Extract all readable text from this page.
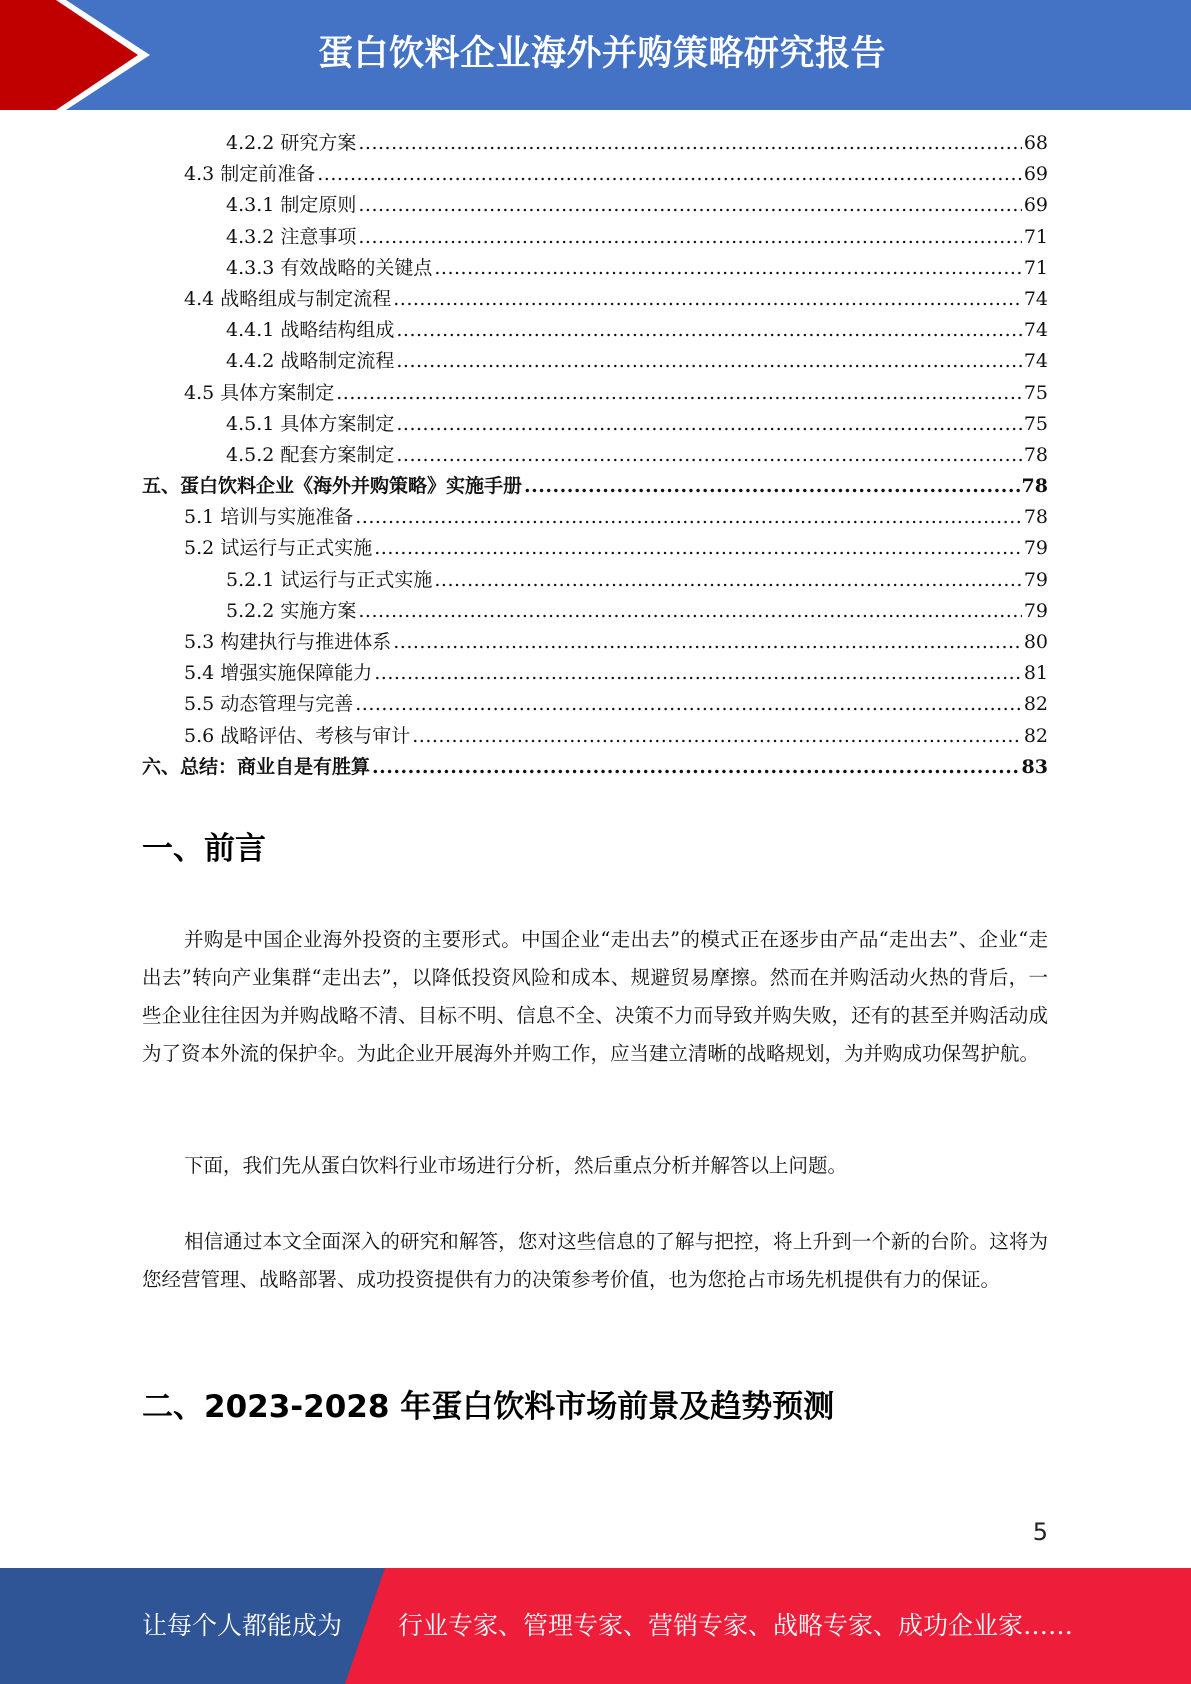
蛋白饮料企业海外并购策略研究报告
4.2.2 研究方案 .....	68
4.3 制定前准备 .....	69
4.3.1 制定原则 .....	69
4.3.2 注意事项 .....	71
4.3.3 有效战略的关键点 .....	71
4.4 战略组成与制定流程 .....	74
4.4.1 战略结构组成 .....	74
4.4.2 战略制定流程 .....	74
4.5 具体方案制定 .....	75
4.5.1 具体方案制定 .....	75
4.5.2 配套方案制定 .....	78
五、蛋白饮料企业《海外并购策略》实施手册 .....	78
5.1 培训与实施准备 .....	78
5.2 试运行与正式实施 .....	79
5.2.1 试运行与正式实施 .....	79
5.2.2 实施方案 .....	79
5.3 构建执行与推进体系 .....	80
5.4 增强实施保障能力 .....	81
5.5 动态管理与完善 .....	82
5.6 战略评估、考核与审计 .....	82
六、总结：商业自是有胜算 .....	83
一、前言

并购是中国企业海外投资的主要形式。中国企业“走出去”的模式正在逐步由产品“走出去”、企业“走出去”转向产业集群“走出去”，以降低投资风险和成本、规避贸易摩擦。然而在并购活动火热的背后，一些企业往往因为并购战略不清、目标不明、信息不全、决策不力而导致并购失败，还有的甚至并购活动成为了资本外流的保护伞。为此企业开展海外并购工作，应当建立清晰的战略规划，为并购成功保驾护航。

下面，我们先从蛋白饮料行业市场进行分析，然后重点分析并解答以上问题。

相信通过本文全面深入的研究和解答，您对这些信息的了解与把控，将上升到一个新的台阶。这将为您经营管理、战略部署、成功投资提供有力的决策参考价值，也为您抢占市场先机提供有力的保证。

二、2023-2028 年蛋白饮料市场前景及趋势预测
5
让每个人都能成为 行业专家、管理专家、营销专家、战略专家、成功企业家……
